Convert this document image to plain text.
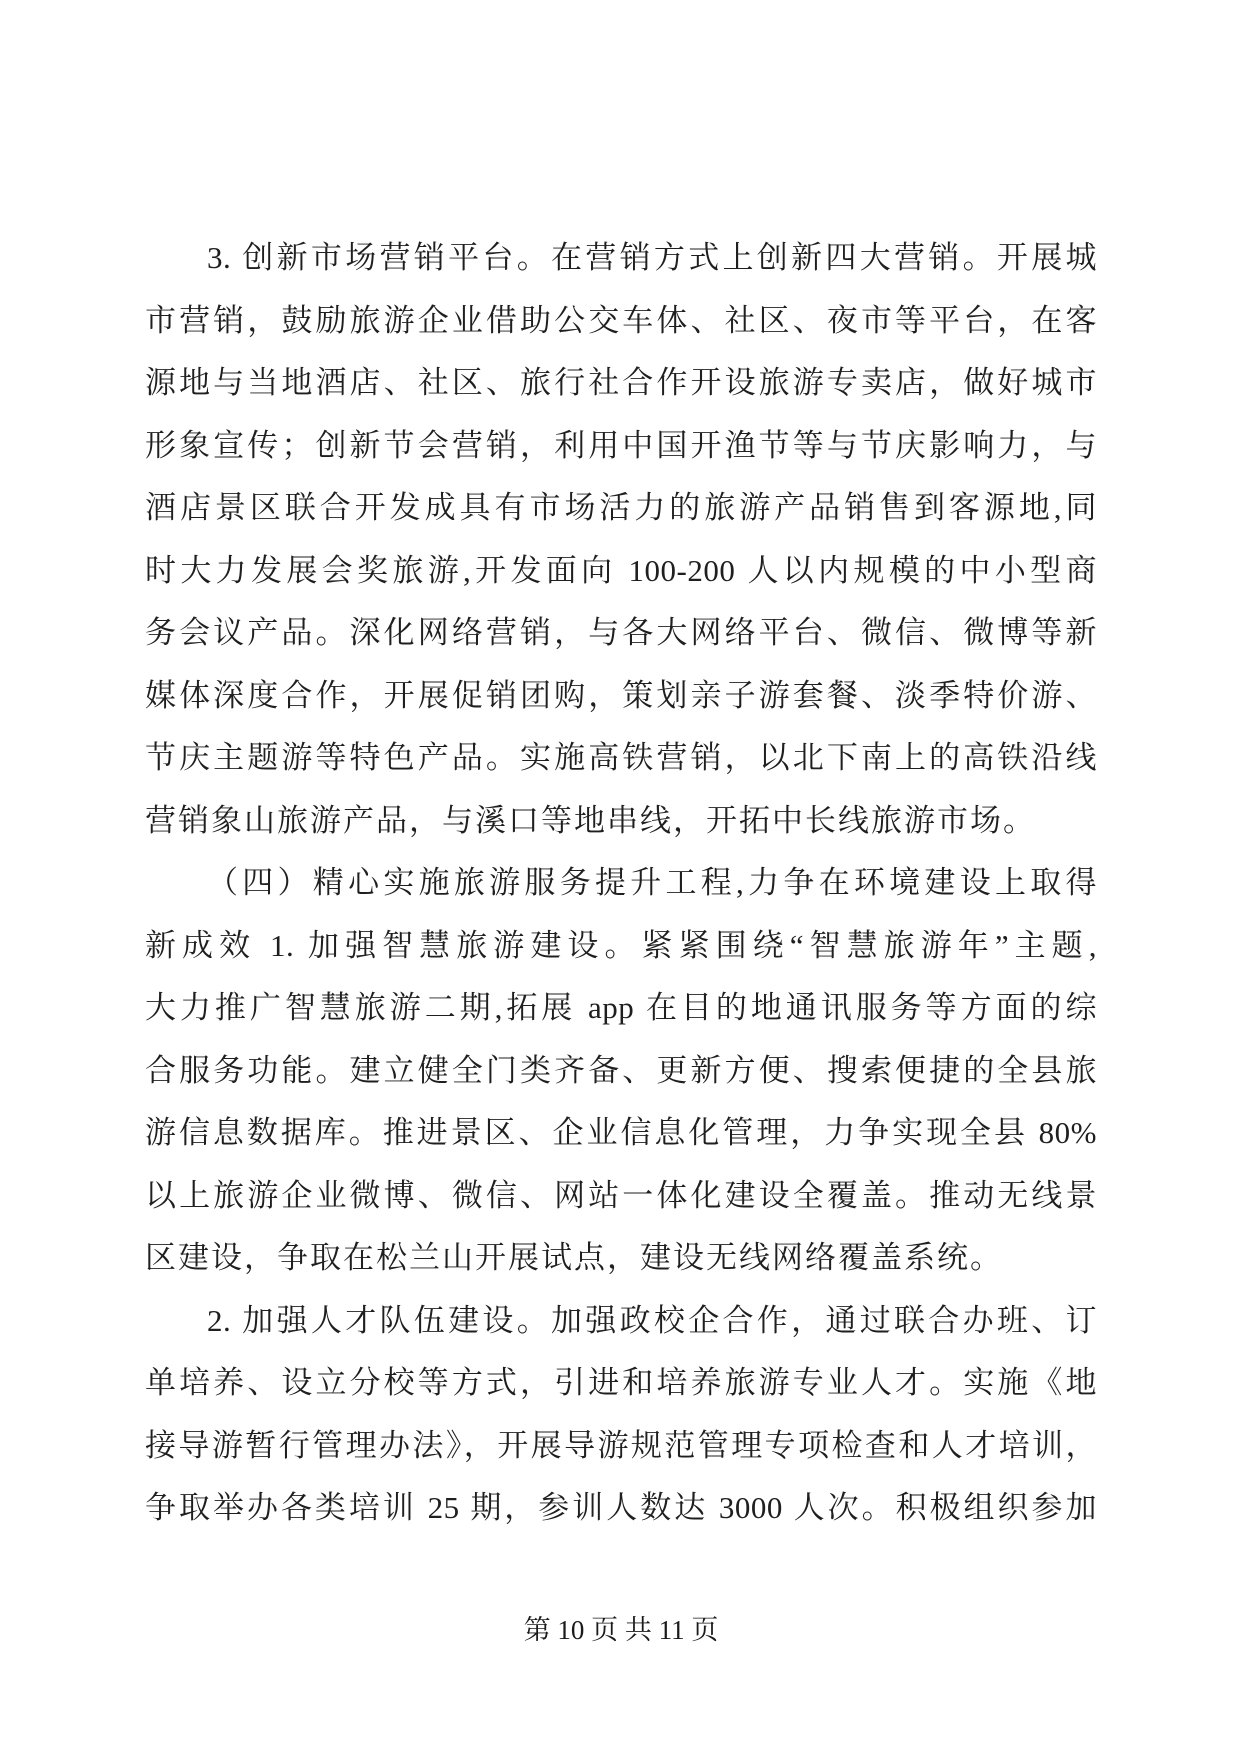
3. 创新市场营销平台。在营销方式上创新四大营销。开展城
市营销，鼓励旅游企业借助公交车体、社区、夜市等平台，在客
源地与当地酒店、社区、旅行社合作开设旅游专卖店，做好城市
形象宣传；创新节会营销，利用中国开渔节等与节庆影响力，与
酒店景区联合开发成具有市场活力的旅游产品销售到客源地,同
时大力发展会奖旅游,开发面向 100-200 人以内规模的中小型商
务会议产品。深化网络营销，与各大网络平台、微信、微博等新
媒体深度合作，开展促销团购，策划亲子游套餐、淡季特价游、
节庆主题游等特色产品。实施高铁营销，以北下南上的高铁沿线
营销象山旅游产品，与溪口等地串线，开拓中长线旅游市场。
（四）精心实施旅游服务提升工程,力争在环境建设上取得
新成效 1. 加强智慧旅游建设。紧紧围绕“智慧旅游年”主题,
大力推广智慧旅游二期,拓展 app 在目的地通讯服务等方面的综
合服务功能。建立健全门类齐备、更新方便、搜索便捷的全县旅
游信息数据库。推进景区、企业信息化管理，力争实现全县 80%
以上旅游企业微博、微信、网站一体化建设全覆盖。推动无线景
区建设，争取在松兰山开展试点，建设无线网络覆盖系统。
2. 加强人才队伍建设。加强政校企合作，通过联合办班、订
单培养、设立分校等方式，引进和培养旅游专业人才。实施《地
接导游暂行管理办法》，开展导游规范管理专项检查和人才培训，
争取举办各类培训 25 期，参训人数达 3000 人次。积极组织参加
第 10 页 共 11 页
